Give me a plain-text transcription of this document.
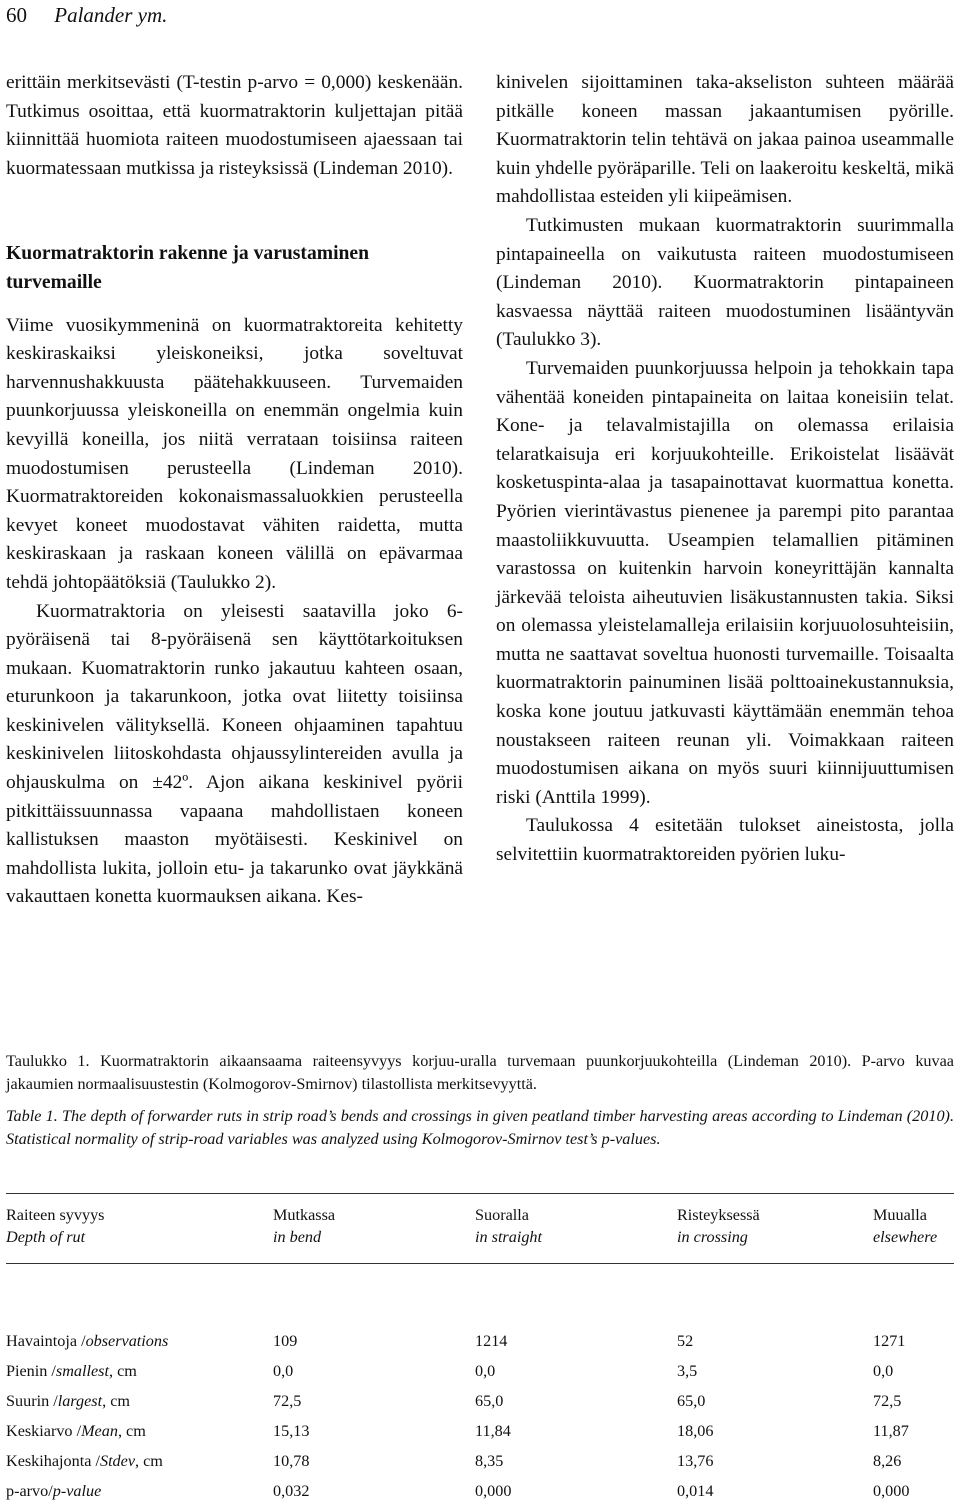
60 Palander ym.

erittäin merkitsevästi (T-testin p-arvo = 0,000) keskenään. Tutkimus osoittaa, että kuormatraktorin kuljettajan pitää kiinnittää huomiota raiteen muodostumiseen ajaessaan tai kuormatessaan mutkissa ja risteyksissä (Lindeman 2010).

Kuormatraktorin rakenne ja varustaminen turvemaille

Viime vuosikymmeninä on kuormatraktoreita kehitetty keskiraskaiksi yleiskoneiksi, jotka soveltuvat harvennushakkuusta päätehakkuuseen. Turvemaiden puunkorjuussa yleiskoneilla on enemmän ongelmia kuin kevyillä koneilla, jos niitä verrataan toisiinsa raiteen muodostumisen perusteella (Lindeman 2010). Kuormatraktoreiden kokonaismassaluokkien perusteella kevyet koneet muodostavat vähiten raidetta, mutta keskiraskaan ja raskaan koneen välillä on epävarmaa tehdä johtopäätöksiä (Taulukko 2).

Kuormatraktoria on yleisesti saatavilla joko 6-pyöräisenä tai 8-pyöräisenä sen käyttötarkoituksen mukaan. Kuomatraktorin runko jakautuu kahteen osaan, eturunkoon ja takarunkoon, jotka ovat liitetty toisiinsa keskinivelen välityksellä. Koneen ohjaaminen tapahtuu keskinivelen liitoskohdasta ohjaussylintereiden avulla ja ohjauskulma on ±42º. Ajon aikana keskinivel pyörii pitkittäissuunnassa vapaana mahdollistaen koneen kallistuksen maaston myötäisesti. Keskinivel on mahdollista lukita, jolloin etu- ja takarunko ovat jäykkänä vakauttaen konetta kuormauksen aikana. Kes-

kinivelen sijoittaminen taka-akseliston suhteen määrää pitkälle koneen massan jakaantumisen pyörille. Kuormatraktorin telin tehtävä on jakaa painoa useammalle kuin yhdelle pyöräparille. Teli on laakeroitu keskeltä, mikä mahdollistaa esteiden yli kiipeämisen.

Tutkimusten mukaan kuormatraktorin suurimmalla pintapaineella on vaikutusta raiteen muodostumiseen (Lindeman 2010). Kuormatraktorin pintapaineen kasvaessa näyttää raiteen muodostuminen lisääntyvän (Taulukko 3).

Turvemaiden puunkorjuussa helpoin ja tehokkain tapa vähentää koneiden pintapaineita on laitaa koneisiin telat. Kone- ja telavalmistajilla on olemassa erilaisia telaratkaisuja eri korjuukohteille. Erikoistelat lisäävät kosketuspinta-alaa ja tasapainottavat kuormattua konetta. Pyörien vierintävastus pienenee ja parempi pito parantaa maastoliikkuvuutta. Useampien telamallien pitäminen varastossa on kuitenkin harvoin koneyrittäjän kannalta järkevää teloista aiheutuvien lisäkustannusten takia. Siksi on olemassa yleistelamalleja erilaisiin korjuuolosuhteisiin, mutta ne saattavat soveltua huonosti turvemaille. Toisaalta kuormatraktorin painuminen lisää polttoainekustannuksia, koska kone joutuu jatkuvasti käyttämään enemmän tehoa noustakseen raiteen reunan yli. Voimakkaan raiteen muodostumisen aikana on myös suuri kiinnijuuttumisen riski (Anttila 1999).

Taulukossa 4 esitetään tulokset aineistosta, jolla selvitettiin kuormatraktoreiden pyörien luku-

Taulukko 1. Kuormatraktorin aikaansaama raiteensyvyys korjuu-uralla turvemaan puunkorjuukohteilla (Lindeman 2010). P-arvo kuvaa jakaumien normaalisuustestin (Kolmogorov-Smirnov) tilastollista merkitsevyyttä.
Table 1. The depth of forwarder ruts in strip road’s bends and crossings in given peatland timber harvesting areas according to Lindeman (2010). Statistical normality of strip-road variables was analyzed using Kolmogorov-Smirnov test’s p-values.
Raiteen syvyys	Mutkassa	Suoralla	Risteyksessä	Muualla
Depth of rut	in bend	in straight	in crossing	elsewhere
Havaintoja /observations	109	1214	52	1271
Pienin /smallest, cm	0,0	0,0	3,5	0,0
Suurin /largest, cm	72,5	65,0	65,0	72,5
Keskiarvo /Mean, cm	15,13	11,84	18,06	11,87
Keskihajonta /Stdev, cm	10,78	8,35	13,76	8,26
p-arvo/p-value	0,032	0,000	0,014	0,000
